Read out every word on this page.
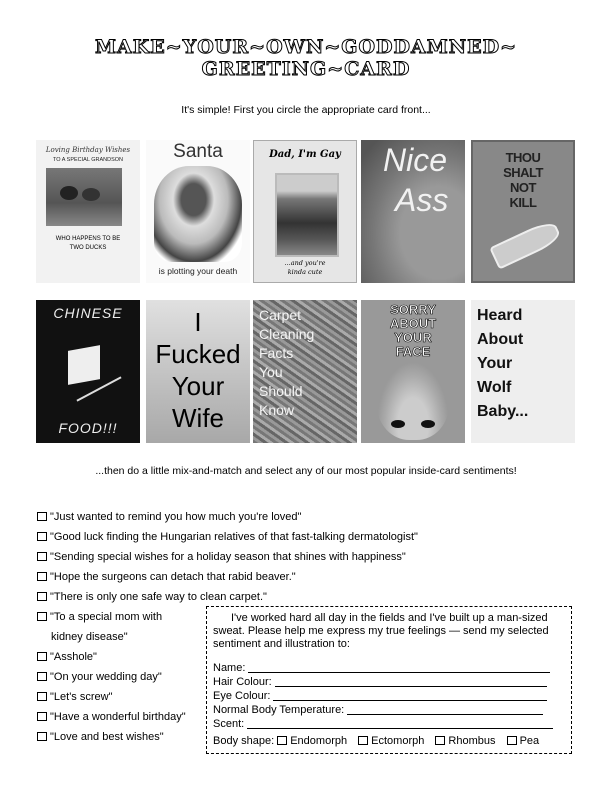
MAKE~YOUR~OWN~GODDAMNED~
GREETING~CARD
It's simple! First you circle the appropriate card front...
Loving Birthday Wishes
TO A SPECIAL GRANDSON
WHO HAPPENS TO BE
TWO DUCKS
Santa
is plotting your death
Dad, I'm Gay
...and you're
kinda cute
Nice
Ass
THOU
SHALT
NOT
KILL
CHINESE
FOOD!!!
I
Fucked
Your
Wife
Carpet
Cleaning
Facts
You
Should
Know
SORRY
ABOUT
YOUR
FACE
Heard
About
Your
Wolf
Baby...
...then do a little mix-and-match and select any of our most popular inside-card sentiments!
"Just wanted to remind you how much you're loved"
"Good luck finding the Hungarian relatives of that fast-talking dermatologist"
"Sending special wishes for a holiday season that shines with happiness"
"Hope the surgeons can detach that rabid beaver."
"There is only one safe way to clean carpet."
"To a special mom with
kidney disease"
"Asshole"
"On your wedding day"
"Let's screw"
"Have a wonderful birthday"
"Love and best wishes"
I've worked hard all day in the fields and I've built up a man-sized sweat. Please help me express my true feelings — send my selected sentiment and illustration to:
Name:
Hair Colour:
Eye Colour:
Normal Body Temperature:
Scent:
Body shape: Endomorph Ectomorph Rhombus Pea
